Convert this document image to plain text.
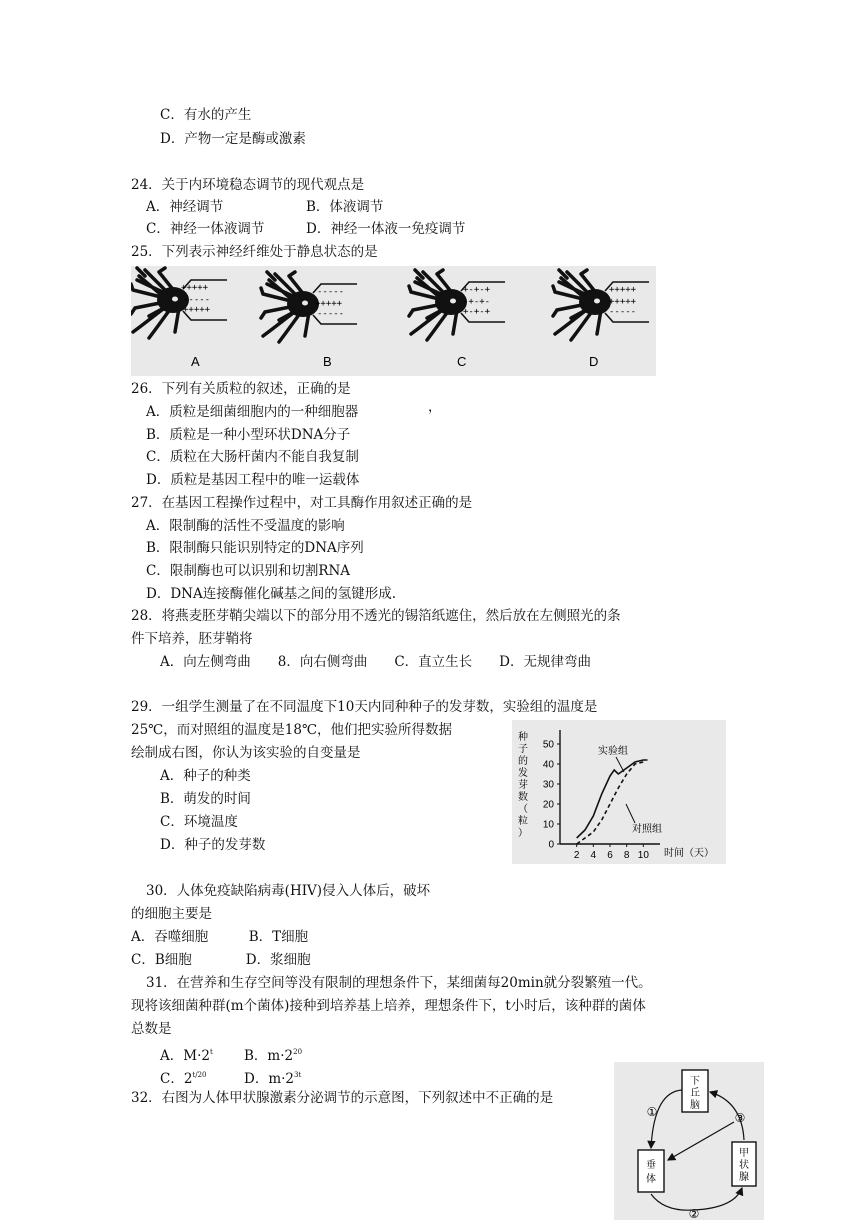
C．有水的产生
D．产物一定是酶或激素
24．关于内环境稳态调节的现代观点是
A．神经调节	B．体液调节
C．神经一体液调节	D．神经一体液一免疫调节
25．下列表示神经纤维处于静息状态的是
+++++
-----
+++++
-----
+++++
-----
+-+-+
-+-+-
+-+-+
+++++
+++++
-----
A	B	C	D
26．下列有关质粒的叙述，正确的是
A．质粒是细菌细胞内的一种细胞器	，
B．质粒是一种小型环状DNA分子
C．质粒在大肠杆菌内不能自我复制
D．质粒是基因工程中的唯一运载体
27．在基因工程操作过程中，对工具酶作用叙述正确的是
A．限制酶的活性不受温度的影响
B．限制酶只能识别特定的DNA序列
C．限制酶也可以识别和切割RNA
D．DNA连接酶催化碱基之间的氢键形成.
28．将燕麦胚芽鞘尖端以下的部分用不透光的锡箔纸遮住，然后放在左侧照光的条
件下培养，胚芽鞘将
A．向左侧弯曲　　8．向右侧弯曲　　C．直立生长　　D．无规律弯曲
29．一组学生测量了在不同温度下10天内同种种子的发芽数，实验组的温度是
25℃，而对照组的温度是18℃，他们把实验所得数据
绘制成右图，你认为该实验的自变量是
A．种子的种类
B．萌发的时间
C．环境温度
D．种子的发芽数
种
子
的
发
芽
数
（
粒
）
0
10
20
30
40
50
2 4 6 8 10 时间（天）
实验组
对照组
30．人体免疫缺陷病毒(HIV)侵入人体后，破坏
的细胞主要是
A．吞噬细胞　　　B．T细胞
C．B细胞　　　　D．浆细胞
31．在营养和生存空间等没有限制的理想条件下，某细菌每20min就分裂繁殖一代。
现将该细菌种群(m个菌体)接种到培养基上培养，理想条件下，t小时后，该种群的菌体
总数是
A．$M\cdot 2^t$ B．$m\cdot 2^{20}$
C．$2^{t/20}$	D．$m\cdot 2^{3t}$
32．右图为人体甲状腺激素分泌调节的示意图，下列叙述中不正确的是
下
丘
脑
垂
体
甲
状
腺
①
②
③
